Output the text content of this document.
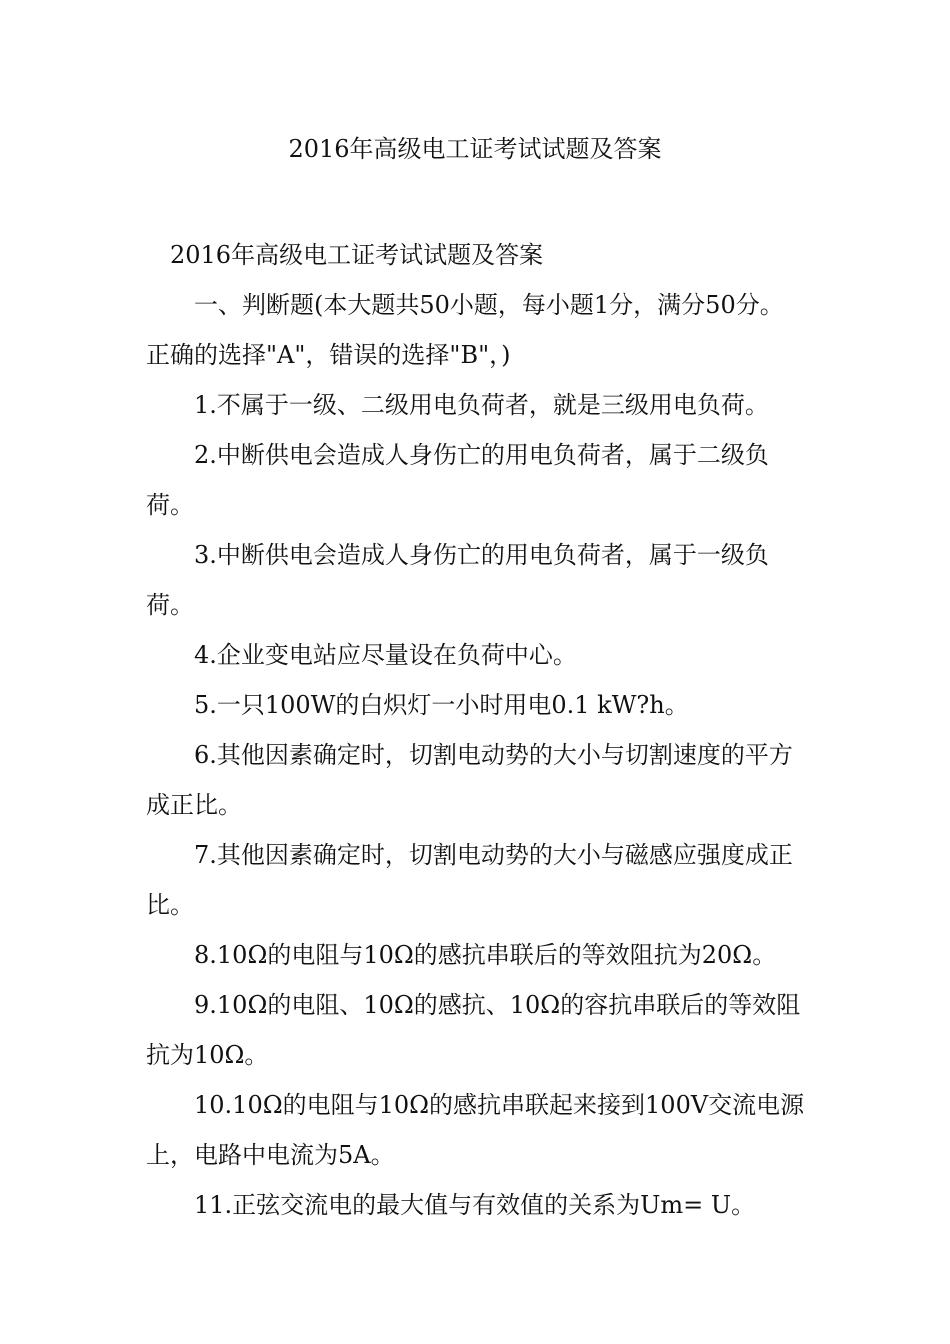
2016年高级电工证考试试题及答案

2016年高级电工证考试试题及答案

一、判断题(本大题共50小题，每小题1分，满分50分。正确的选择"A"，错误的选择"B"，)

1.不属于一级、二级用电负荷者，就是三级用电负荷。

2.中断供电会造成人身伤亡的用电负荷者，属于二级负荷。

3.中断供电会造成人身伤亡的用电负荷者，属于一级负荷。

4.企业变电站应尽量设在负荷中心。

5.一只100W的白炽灯一小时用电0.1 kW?h。

6.其他因素确定时，切割电动势的大小与切割速度的平方成正比。

7.其他因素确定时，切割电动势的大小与磁感应强度成正比。

8.10Ω的电阻与10Ω的感抗串联后的等效阻抗为20Ω。

9.10Ω的电阻、10Ω的感抗、10Ω的容抗串联后的等效阻抗为10Ω。

10.10Ω的电阻与10Ω的感抗串联起来接到100V交流电源上，电路中电流为5A。

11.正弦交流电的最大值与有效值的关系为Um= U。
